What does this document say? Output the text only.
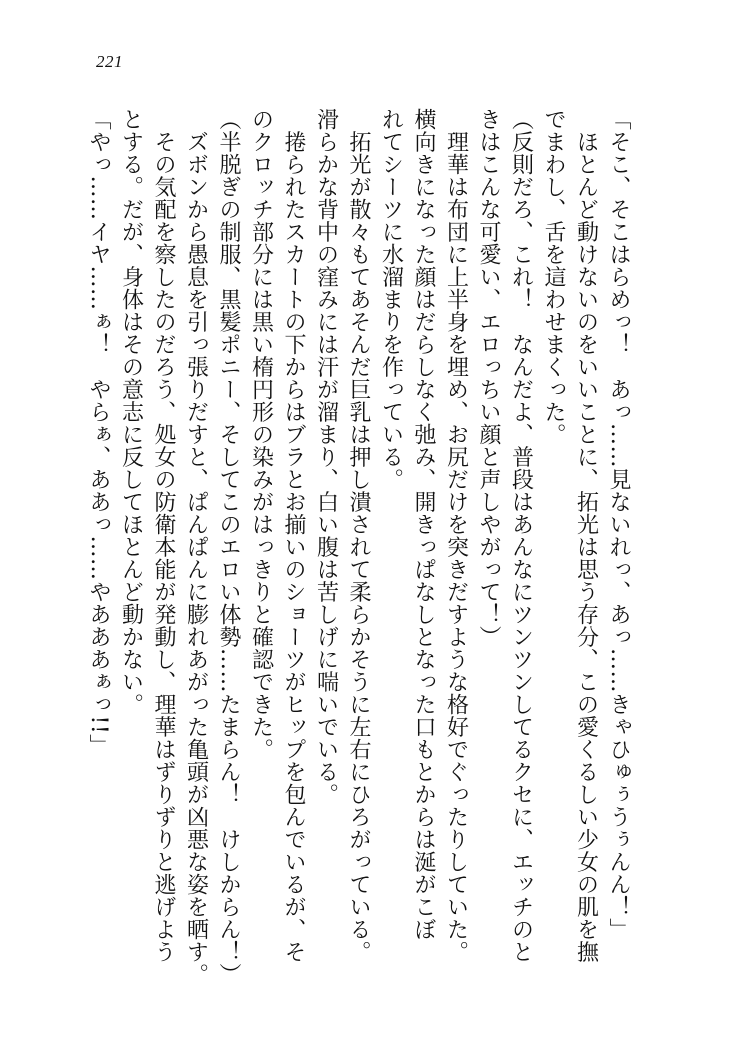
221

「そこ、そこはらめっ！　あっ……見ないれっ、あっ……きゃひゅぅうぅんん！」

　ほとんど動けないのをいいことに、拓光は思う存分、この愛くるしい少女の肌を撫

でまわし、舌を這わせまくった。

（反則だろ、これ！　なんだよ、普段はあんなにツンツンしてるクセに、エッチのと

きはこんな可愛い、エロっちい顔と声しやがって！）

　理華は布団に上半身を埋め、お尻だけを突きだすような格好でぐったりしていた。

横向きになった顔はだらしなく弛み、開きっぱなしとなった口もとからは涎がこぼ

れてシーツに水溜まりを作っている。

　拓光が散々もてあそんだ巨乳は押し潰されて柔らかそうに左右にひろがっている。

滑らかな背中の窪みには汗が溜まり、白い腹は苦しげに喘いでいる。

　捲られたスカートの下からはブラとお揃いのショーツがヒップを包んでいるが、そ

のクロッチ部分には黒い楕円形の染みがはっきりと確認できた。

（半脱ぎの制服、黒髪ポニー、そしてこのエロい体勢……たまらん！　けしからん！）

　ズボンから愚息を引っ張りだすと、ぱんぱんに膨れあがった亀頭が凶悪な姿を晒す。

　その気配を察したのだろう、処女の防衛本能が発動し、理華はずりずりと逃げよう

とする。だが、身体はその意志に反してほとんど動かない。

「やっ……イヤ……ぁ！　やらぁ、ああっ……やあああぁっ!!」
